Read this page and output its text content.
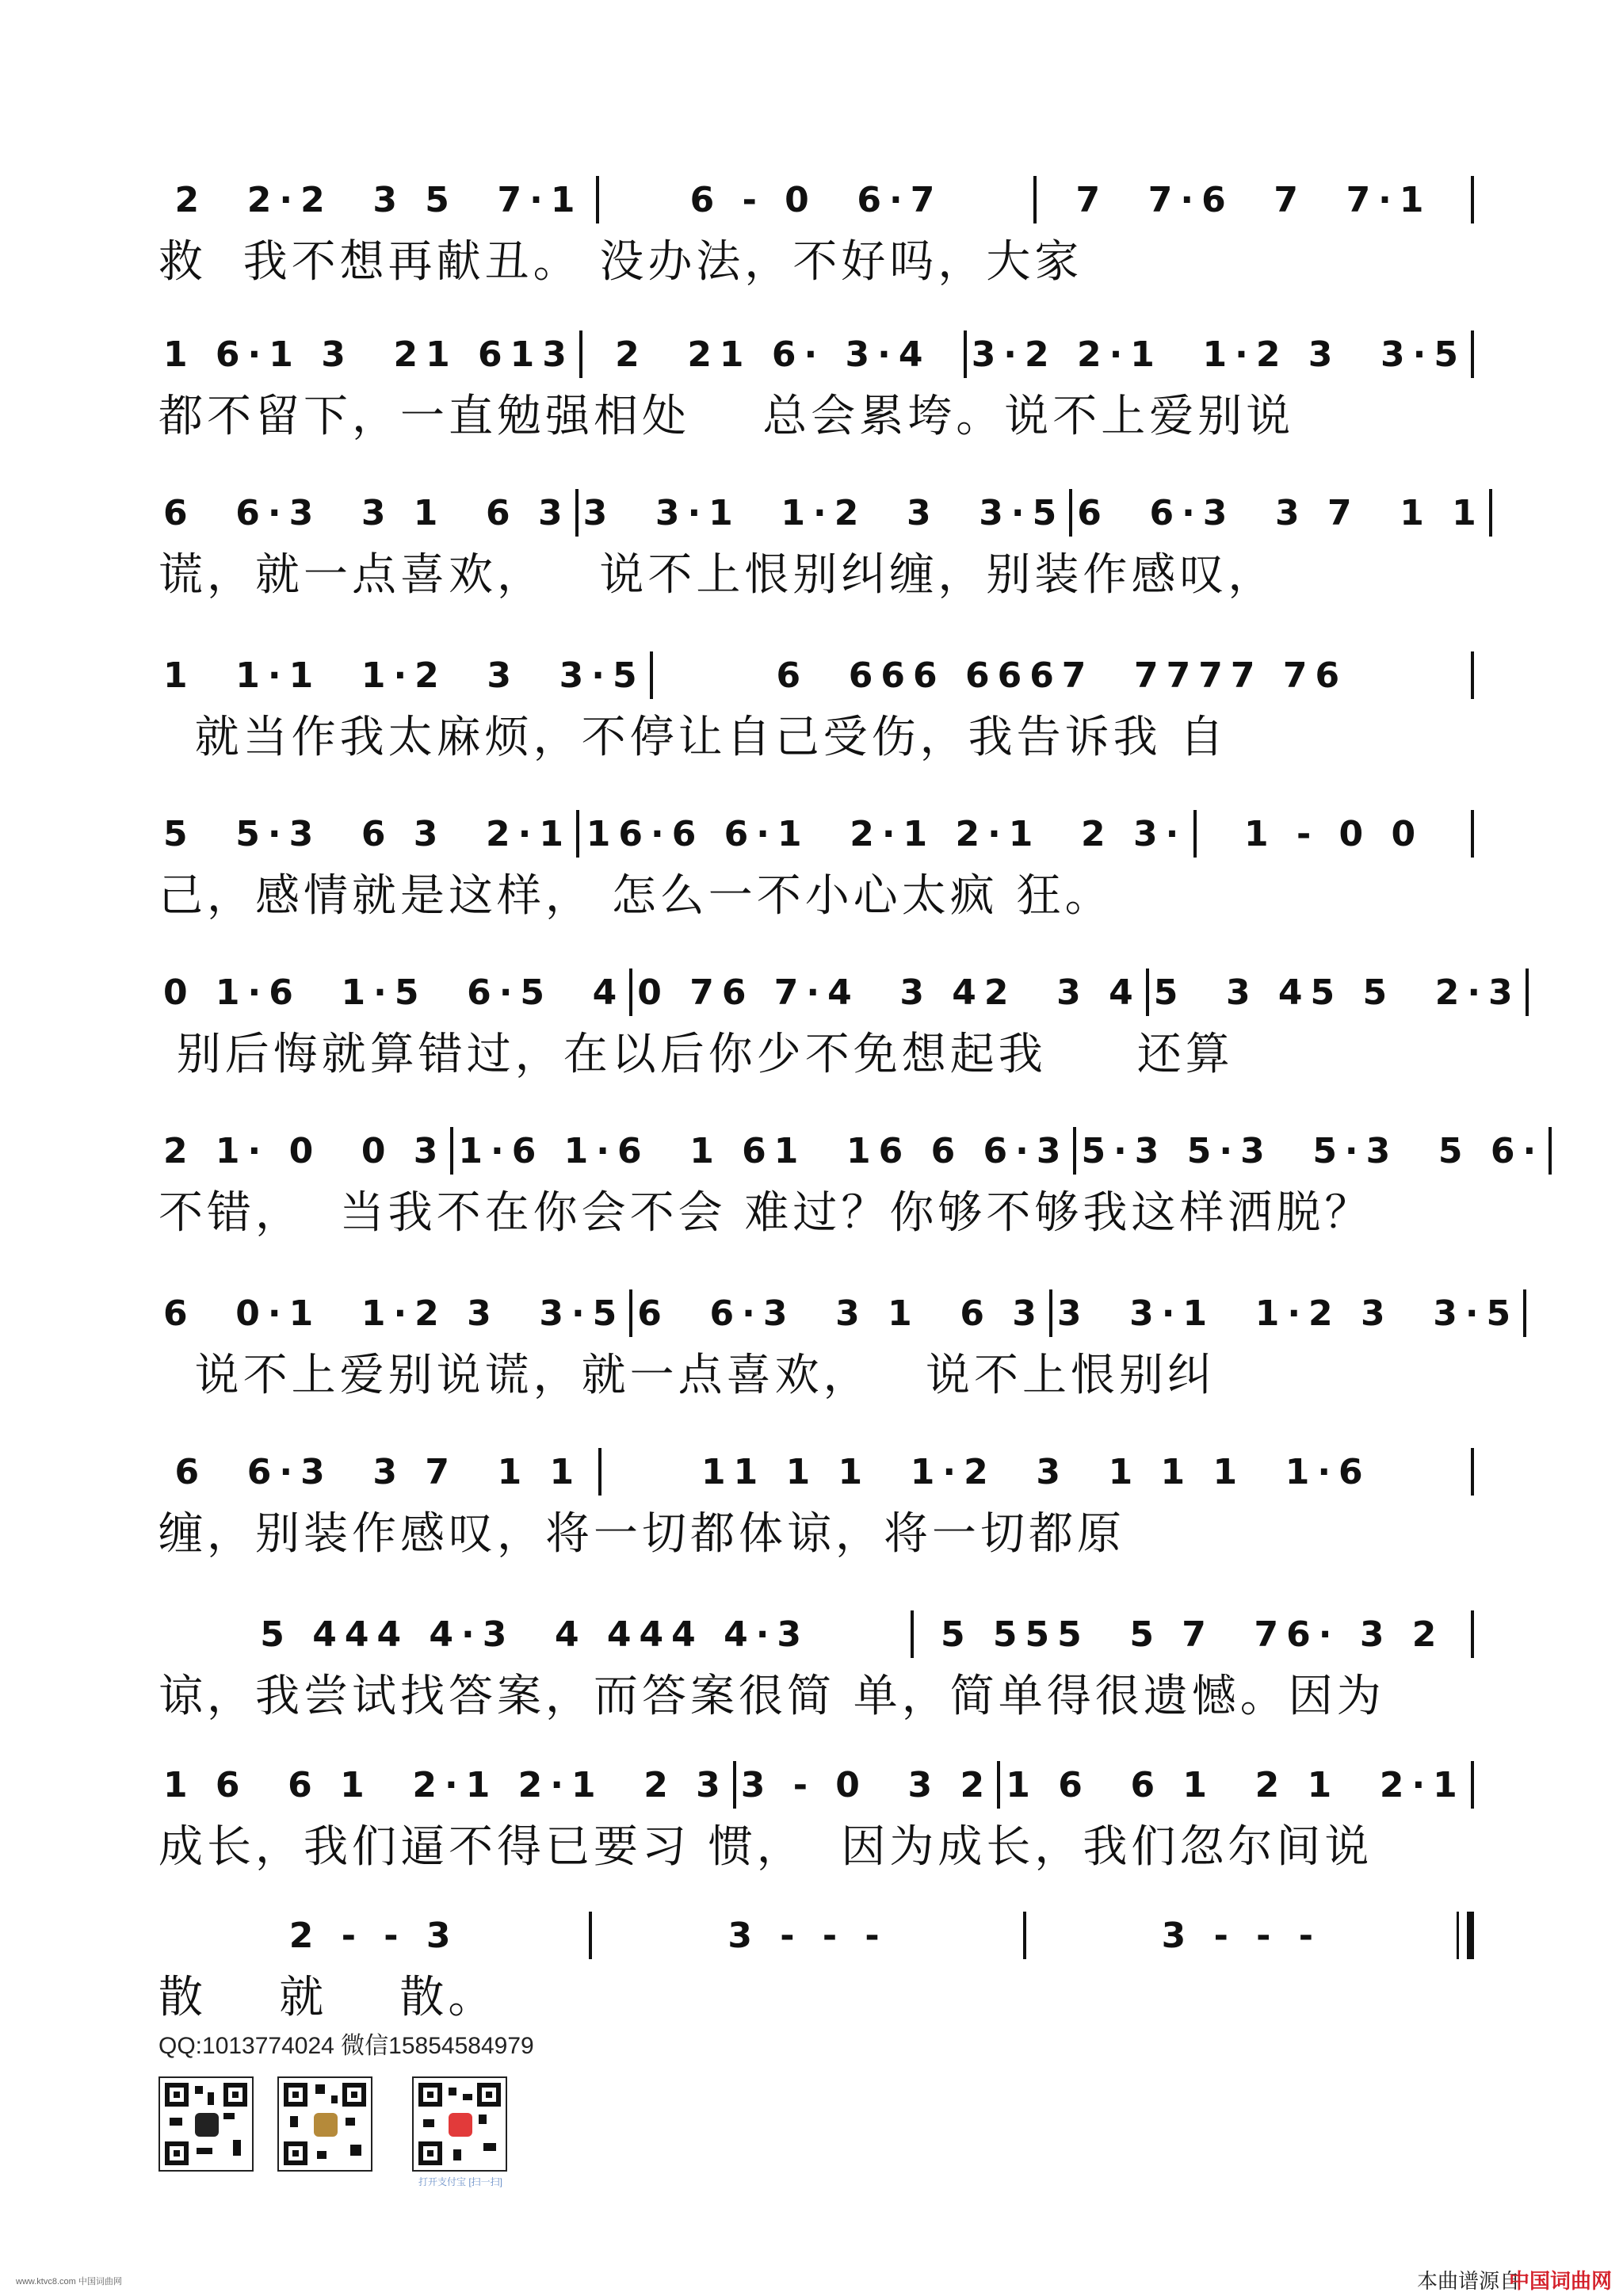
2  2·2  3 5  7·1	6 - 0  6·7	7  7·6  7  7·1
救  我不想再献丑。 没办法，不好吗，大家
1 6·1 3  21 613	2  21 6· 3·4	3·2 2·1  1·2 3  3·5
都不留下，一直勉强相处    总会累垮。说不上爱别说
6  6·3  3 1  6 3 3  3·1  1·2  3  3·5 6  6·3  3 7  1 1
谎，就一点喜欢，   说不上恨别纠缠，别装作感叹，
1  1·1  1·2  3  3·5	6  666 6667  7777 76
就当作我太麻烦，不停让自己受伤，我告诉我 自
5  5·3  6 3  2·1 16·6 6·1  2·1 2·1  2 3·	1 - 0 0
己，感情就是这样， 怎么一不小心太疯 狂。
0 1·6  1·5  6·5  4 0 76 7·4  3 42  3 4 5  3 45 5  2·3
别后悔就算错过，在以后你少不免想起我     还算
2 1· 0  0 3 1·6 1·6  1 61  16 6 6·3 5·3 5·3  5·3  5 6·
不错，  当我不在你会不会 难过？你够不够我这样洒脱？
6  0·1  1·2 3  3·5 6  6·3  3 1  6 3 3  3·1  1·2 3  3·5
说不上爱别说谎，就一点喜欢，   说不上恨别纠
6  6·3  3 7  1 1	11 1 1  1·2  3  1 1 1  1·6
缠，别装作感叹，将一切都体谅，将一切都原
5 444 4·3  4 444 4·3	5 555  5 7  76· 3 2
谅，我尝试找答案，而答案很简 单，简单得很遗憾。因为
1 6  6 1  2·1 2·1  2 3 3 - 0  3 2 1 6  6 1  2 1  2·1
成长，我们逼不得已要习 惯，  因为成长，我们忽尔间说
2 - - 3	3 - - -	3 - - -
散    就    散。
QQ:1013774024 微信15854584979
打开支付宝 [扫一扫]
www.ktvc8.com 中国词曲网	本曲谱源自
中国词曲网
